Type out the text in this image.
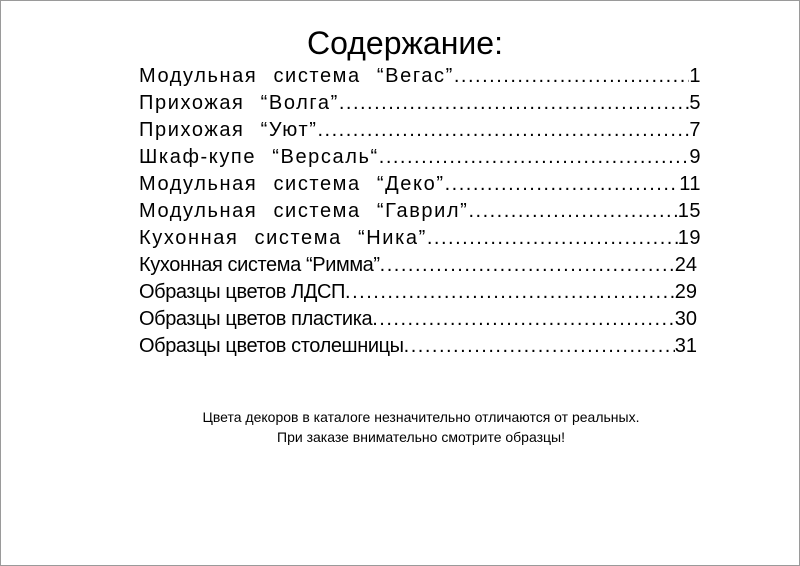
Содержание:
Модульная система “Вегас” .....	1
Прихожая “Волга” .....	5
Прихожая “Уют” .....	7
Шкаф-купе “Версаль“ .....	9
Модульная система “Деко” .....	11
Модульная система “Гаврил” .....	15
Кухонная система “Ника” .....	19
Кухонная система “Римма” .....	24
Образцы цветов ЛДСП .....	29
Образцы цветов пластика .....	30
Образцы цветов столешницы .....	31
Цвета декоров в каталоге незначительно отличаются от реальных.
При заказе внимательно смотрите образцы!
